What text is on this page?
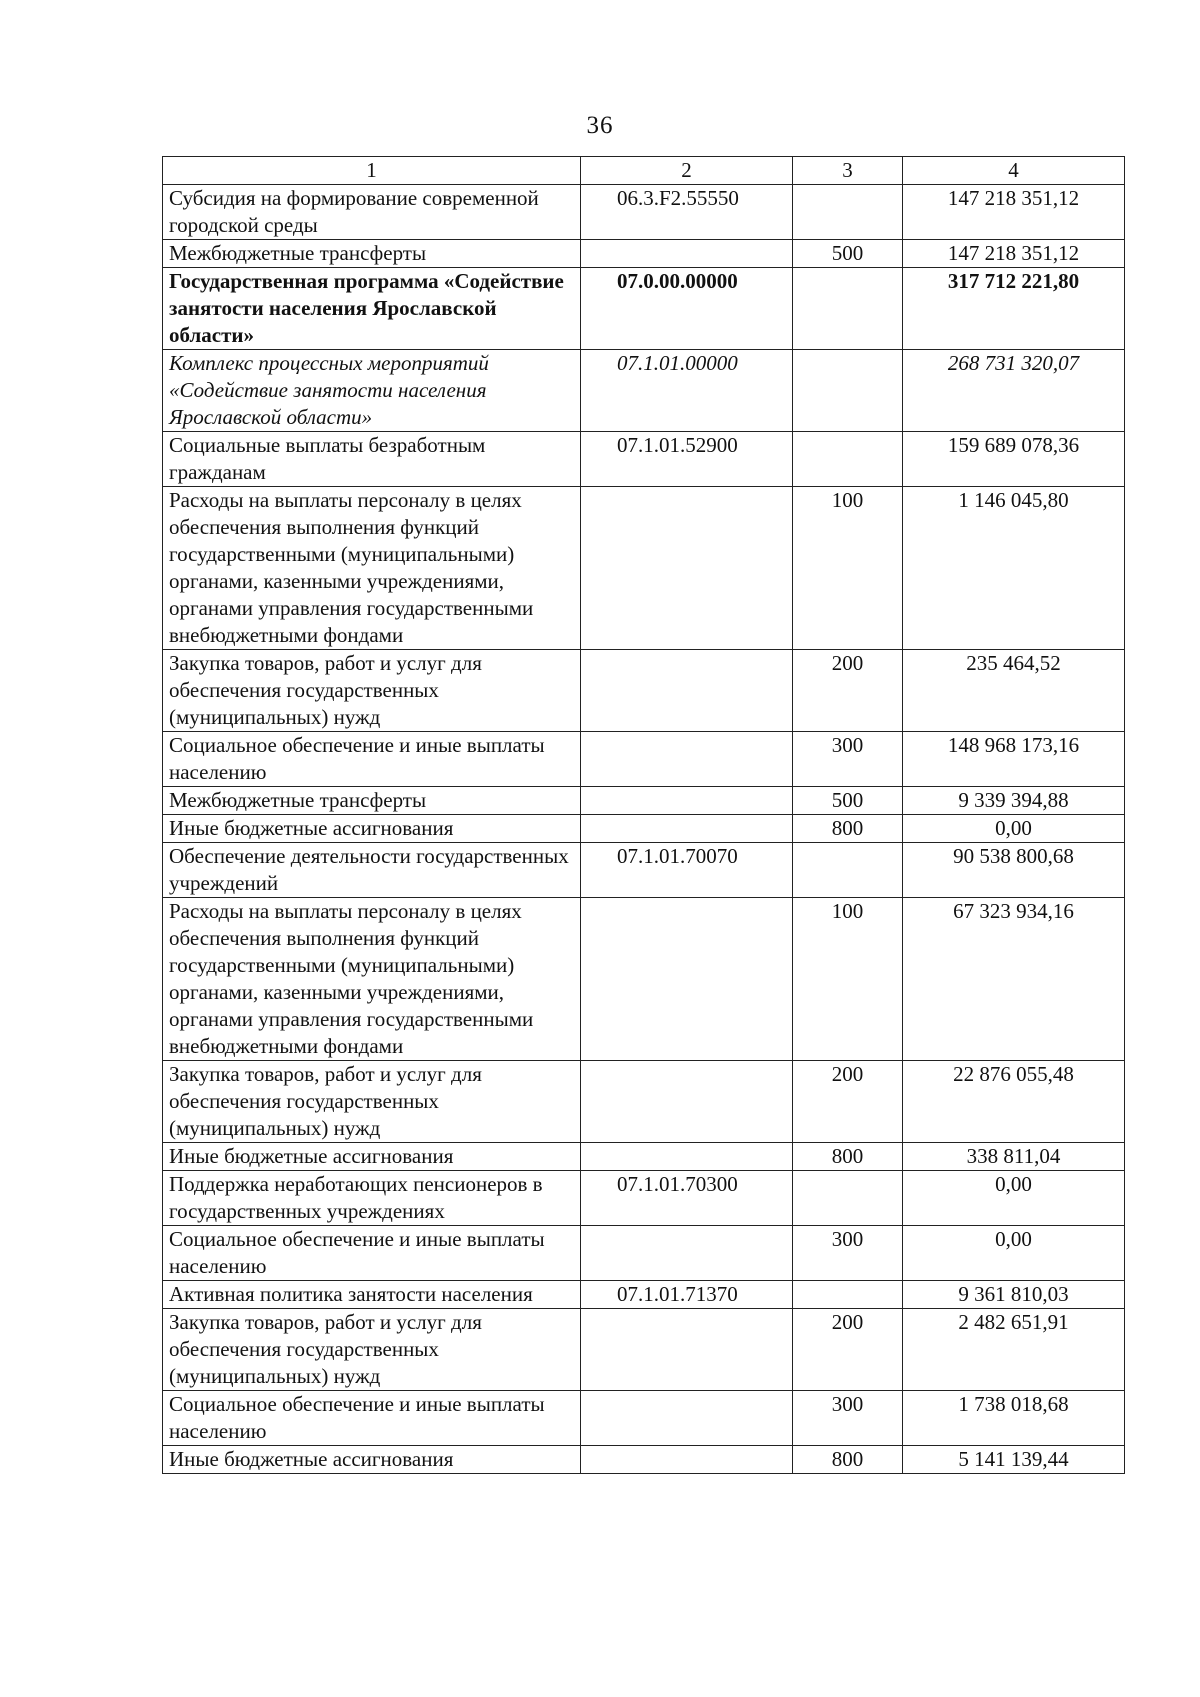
36
1	2	3	4
Субсидия на формирование современной городской среды	06.3.F2.55550		147 218 351,12
Межбюджетные трансферты		500	147 218 351,12
Государственная программа «Содействие занятости населения Ярославской области»	07.0.00.00000		317 712 221,80
Комплекс процессных мероприятий «Содействие занятости населения Ярославской области»	07.1.01.00000		268 731 320,07
Социальные выплаты безработным гражданам	07.1.01.52900		159 689 078,36
Расходы на выплаты персоналу в целях обеспечения выполнения функций государственными (муниципальными) органами, казенными учреждениями, органами управления государственными внебюджетными фондами		100	1 146 045,80
Закупка товаров, работ и услуг для обеспечения государственных (муниципальных) нужд		200	235 464,52
Социальное обеспечение и иные выплаты населению		300	148 968 173,16
Межбюджетные трансферты		500	9 339 394,88
Иные бюджетные ассигнования		800	0,00
Обеспечение деятельности государственных учреждений	07.1.01.70070		90 538 800,68
Расходы на выплаты персоналу в целях обеспечения выполнения функций государственными (муниципальными) органами, казенными учреждениями, органами управления государственными внебюджетными фондами		100	67 323 934,16
Закупка товаров, работ и услуг для обеспечения государственных (муниципальных) нужд		200	22 876 055,48
Иные бюджетные ассигнования		800	338 811,04
Поддержка неработающих пенсионеров в государственных учреждениях	07.1.01.70300		0,00
Социальное обеспечение и иные выплаты населению		300	0,00
Активная политика занятости населения	07.1.01.71370		9 361 810,03
Закупка товаров, работ и услуг для обеспечения государственных (муниципальных) нужд		200	2 482 651,91
Социальное обеспечение и иные выплаты населению		300	1 738 018,68
Иные бюджетные ассигнования		800	5 141 139,44
